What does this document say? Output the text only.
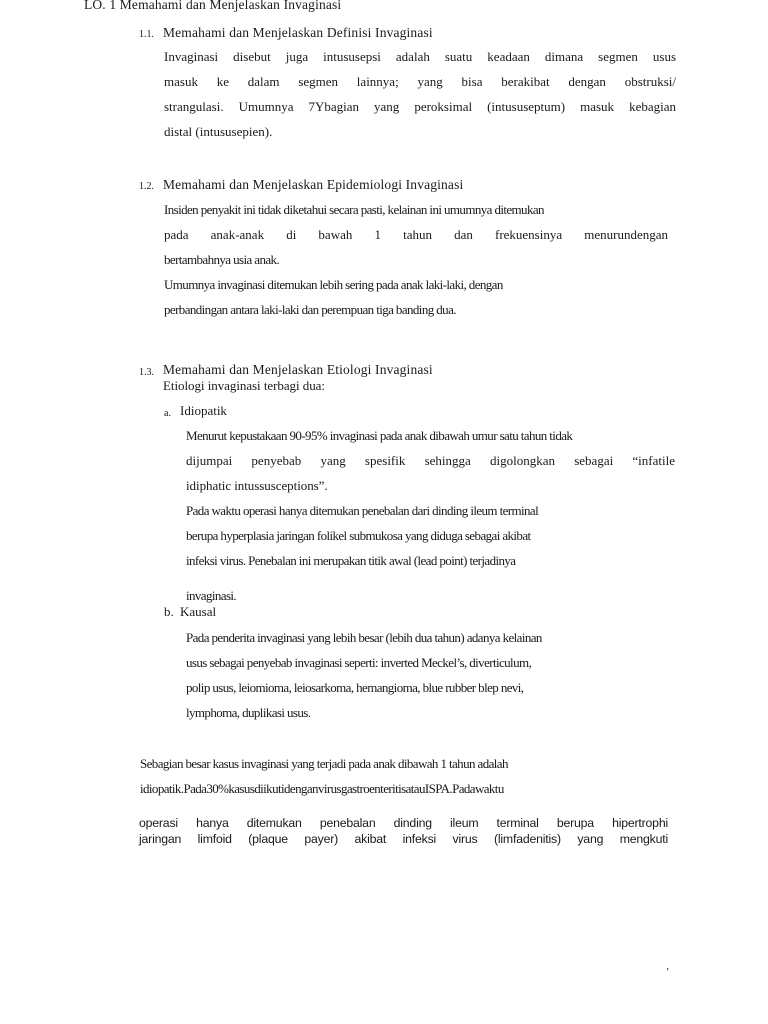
LO. 1 Memahami dan Menjelaskan Invaginasi
1.1. Memahami dan Menjelaskan Definisi Invaginasi
Invaginasi disebut juga intususepsi adalah suatu keadaan dimana segmen usus
masuk ke dalam segmen lainnya; yang bisa berakibat dengan obstruksi/
strangulasi. Umumnya 7Ybagian yang peroksimal (intususeptum) masuk kebagian
distal (intususepien).
1.2. Memahami dan Menjelaskan Epidemiologi Invaginasi
Insiden penyakit ini tidak diketahui secara pasti, kelainan ini umumnya ditemukan
pada anak-anak di bawah 1 tahun dan frekuensinya menurundengan
bertambahnya usia anak.
Umumnya invaginasi ditemukan lebih sering pada anak laki-laki, dengan
perbandingan antara laki-laki dan perempuan tiga banding dua.
1.3. Memahami dan Menjelaskan Etiologi Invaginasi
Etiologi invaginasi terbagi dua:
a. Idiopatik
Menurut kepustakaan 90-95% invaginasi pada anak dibawah umur satu tahun tidak
dijumpai penyebab yang spesifik sehingga digolongkan sebagai “infatile
idiphatic intussusceptions”.
Pada waktu operasi hanya ditemukan penebalan dari dinding ileum terminal
berupa hyperplasia jaringan folikel submukosa yang diduga sebagai akibat
infeksi virus. Penebalan ini merupakan titik awal (lead point) terjadinya
invaginasi.
b. Kausal
Pada penderita invaginasi yang lebih besar (lebih dua tahun) adanya kelainan
usus sebagai penyebab invaginasi seperti: inverted Meckel’s, diverticulum,
polip usus, leiomioma, leiosarkoma, hemangioma, blue rubber blep nevi,
lymphoma, duplikasi usus.
Sebagian besar kasus invaginasi yang terjadi pada anak dibawah 1 tahun adalah
idiopatik.Pada30%kasusdiikutidenganvirusgastroenteritisatauISPA.Padawaktu
operasi hanya ditemukan penebalan dinding ileum terminal berupa hipertrophi
jaringan limfoid (plaque payer) akibat infeksi virus (limfadenitis) yang mengkuti
ʼ
